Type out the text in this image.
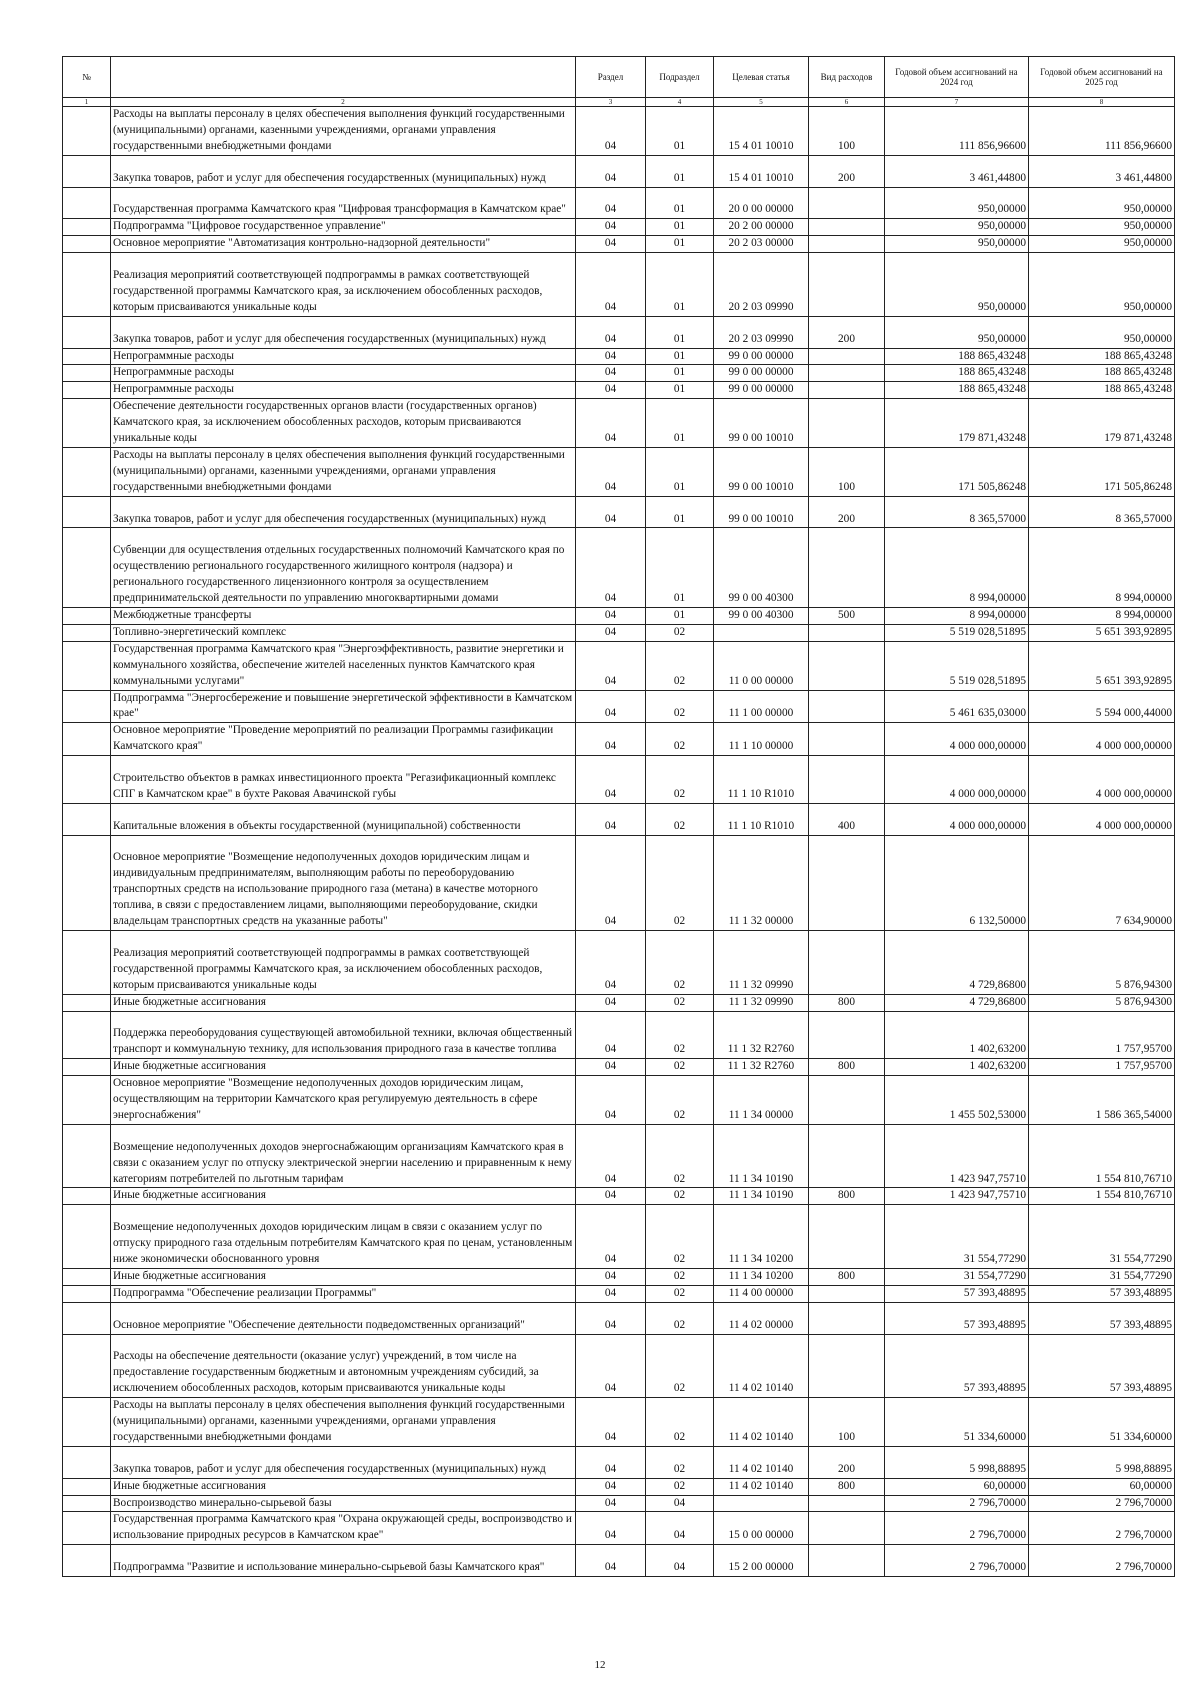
№		Раздел	Подраздел	Целевая статья	Вид расходов	Годовой объем ассигнований на 2024 год	Годовой объем ассигнований на 2025 год
1	2	3	4	5	6	7	8
	Расходы на выплаты персоналу в целях обеспечения выполнения функций государственными (муниципальными) органами, казенными учреждениями, органами управления государственными внебюджетными фондами	04	01	15 4 01 10010	100	111 856,96600	111 856,96600
	Закупка товаров, работ и услуг для обеспечения государственных (муниципальных) нужд	04	01	15 4 01 10010	200	3 461,44800	3 461,44800
	Государственная программа Камчатского края "Цифровая трансформация в Камчатском крае"	04	01	20 0 00 00000		950,00000	950,00000
	Подпрограмма "Цифровое государственное управление"	04	01	20 2 00 00000		950,00000	950,00000
	Основное мероприятие "Автоматизация контрольно-надзорной деятельности"	04	01	20 2 03 00000		950,00000	950,00000
	Реализация мероприятий соответствующей подпрограммы в рамках соответствующей государственной программы Камчатского края, за исключением обособленных расходов, которым присваиваются уникальные коды	04	01	20 2 03 09990		950,00000	950,00000
	Закупка товаров, работ и услуг для обеспечения государственных (муниципальных) нужд	04	01	20 2 03 09990	200	950,00000	950,00000
	Непрограммные расходы	04	01	99 0 00 00000		188 865,43248	188 865,43248
	Непрограммные расходы	04	01	99 0 00 00000		188 865,43248	188 865,43248
	Непрограммные расходы	04	01	99 0 00 00000		188 865,43248	188 865,43248
	Обеспечение деятельности государственных органов власти (государственных органов) Камчатского края, за исключением обособленных расходов, которым присваиваются уникальные коды	04	01	99 0 00 10010		179 871,43248	179 871,43248
	Расходы на выплаты персоналу в целях обеспечения выполнения функций государственными (муниципальными) органами, казенными учреждениями, органами управления государственными внебюджетными фондами	04	01	99 0 00 10010	100	171 505,86248	171 505,86248
	Закупка товаров, работ и услуг для обеспечения государственных (муниципальных) нужд	04	01	99 0 00 10010	200	8 365,57000	8 365,57000
	Субвенции для осуществления отдельных государственных полномочий Камчатского края по осуществлению регионального государственного жилищного контроля (надзора) и регионального государственного лицензионного контроля за осуществлением предпринимательской деятельности по управлению многоквартирными домами	04	01	99 0 00 40300		8 994,00000	8 994,00000
	Межбюджетные трансферты	04	01	99 0 00 40300	500	8 994,00000	8 994,00000
	Топливно-энергетический комплекс	04	02			5 519 028,51895	5 651 393,92895
	Государственная программа Камчатского края "Энергоэффективность, развитие энергетики и коммунального хозяйства, обеспечение жителей населенных пунктов Камчатского края коммунальными услугами"	04	02	11 0 00 00000		5 519 028,51895	5 651 393,92895
	Подпрограмма "Энергосбережение и повышение энергетической эффективности в Камчатском крае"	04	02	11 1 00 00000		5 461 635,03000	5 594 000,44000
	Основное мероприятие "Проведение мероприятий по реализации Программы газификации Камчатского края"	04	02	11 1 10 00000		4 000 000,00000	4 000 000,00000
	Строительство объектов в рамках инвестиционного проекта "Регазификационный комплекс СПГ в Камчатском крае" в бухте Раковая Авачинской губы	04	02	11 1 10 R1010		4 000 000,00000	4 000 000,00000
	Капитальные вложения в объекты государственной (муниципальной) собственности	04	02	11 1 10 R1010	400	4 000 000,00000	4 000 000,00000
	Основное мероприятие "Возмещение недополученных доходов юридическим лицам и индивидуальным предпринимателям, выполняющим работы по переоборудованию транспортных средств на использование природного газа (метана) в качестве моторного топлива, в связи с предоставлением лицами, выполняющими переоборудование, скидки владельцам транспортных средств на указанные работы"	04	02	11 1 32 00000		6 132,50000	7 634,90000
	Реализация мероприятий соответствующей подпрограммы в рамках соответствующей государственной программы Камчатского края, за исключением обособленных расходов, которым присваиваются уникальные коды	04	02	11 1 32 09990		4 729,86800	5 876,94300
	Иные бюджетные ассигнования	04	02	11 1 32 09990	800	4 729,86800	5 876,94300
	Поддержка переоборудования существующей автомобильной техники, включая общественный транспорт и коммунальную технику, для использования природного газа в качестве топлива	04	02	11 1 32 R2760		1 402,63200	1 757,95700
	Иные бюджетные ассигнования	04	02	11 1 32 R2760	800	1 402,63200	1 757,95700
	Основное мероприятие "Возмещение недополученных доходов юридическим лицам, осуществляющим на территории Камчатского края регулируемую деятельность в сфере энергоснабжения"	04	02	11 1 34 00000		1 455 502,53000	1 586 365,54000
	Возмещение недополученных доходов энергоснабжающим организациям Камчатского края в связи с оказанием услуг по отпуску электрической энергии населению и приравненным к нему категориям потребителей по льготным тарифам	04	02	11 1 34 10190		1 423 947,75710	1 554 810,76710
	Иные бюджетные ассигнования	04	02	11 1 34 10190	800	1 423 947,75710	1 554 810,76710
	Возмещение недополученных доходов юридическим лицам в связи с оказанием услуг по отпуску природного газа отдельным потребителям Камчатского края по ценам, установленным ниже экономически обоснованного уровня	04	02	11 1 34 10200		31 554,77290	31 554,77290
	Иные бюджетные ассигнования	04	02	11 1 34 10200	800	31 554,77290	31 554,77290
	Подпрограмма "Обеспечение реализации Программы"	04	02	11 4 00 00000		57 393,48895	57 393,48895
	Основное мероприятие "Обеспечение деятельности подведомственных организаций"	04	02	11 4 02 00000		57 393,48895	57 393,48895
	Расходы на обеспечение деятельности (оказание услуг) учреждений, в том числе на предоставление государственным бюджетным и автономным учреждениям субсидий, за исключением обособленных расходов, которым присваиваются уникальные коды	04	02	11 4 02 10140		57 393,48895	57 393,48895
	Расходы на выплаты персоналу в целях обеспечения выполнения функций государственными (муниципальными) органами, казенными учреждениями, органами управления государственными внебюджетными фондами	04	02	11 4 02 10140	100	51 334,60000	51 334,60000
	Закупка товаров, работ и услуг для обеспечения государственных (муниципальных) нужд	04	02	11 4 02 10140	200	5 998,88895	5 998,88895
	Иные бюджетные ассигнования	04	02	11 4 02 10140	800	60,00000	60,00000
	Воспроизводство минерально-сырьевой базы	04	04			2 796,70000	2 796,70000
	Государственная программа Камчатского края "Охрана окружающей среды, воспроизводство и использование природных ресурсов в Камчатском крае"	04	04	15 0 00 00000		2 796,70000	2 796,70000
	Подпрограмма "Развитие и использование минерально-сырьевой базы Камчатского края"	04	04	15 2 00 00000		2 796,70000	2 796,70000
12
